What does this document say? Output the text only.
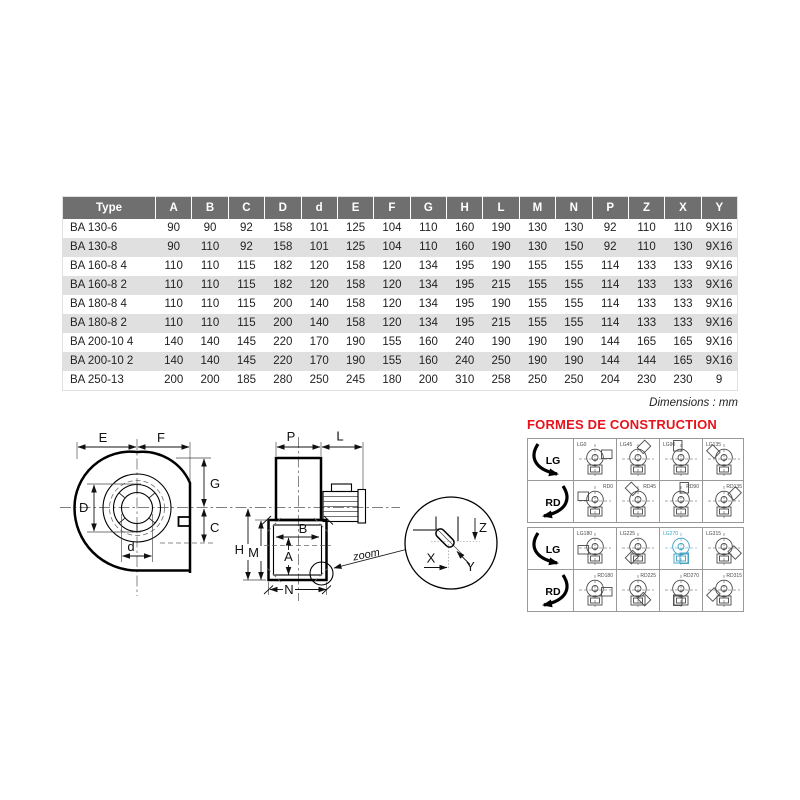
Type	A	B	C	D	d	E	F	G	H	L	M	N	P	Z	X	Y
BA 130-6	90	90	92	158	101	125	104	110	160	190	130	130	92	110	110	9X16
BA 130-8	90	110	92	158	101	125	104	110	160	190	130	150	92	110	130	9X16
BA 160-8 4	110	110	115	182	120	158	120	134	195	190	155	155	114	133	133	9X16
BA 160-8 2	110	110	115	182	120	158	120	134	195	215	155	155	114	133	133	9X16
BA 180-8 4	110	110	115	200	140	158	120	134	195	190	155	155	114	133	133	9X16
BA 180-8 2	110	110	115	200	140	158	120	134	195	215	155	155	114	133	133	9X16
BA 200-10 4	140	140	145	220	170	190	155	160	240	190	190	190	144	165	165	9X16
BA 200-10 2	140	140	145	220	170	190	155	160	240	250	190	190	144	144	165	9X16
BA 250-13	200	200	185	280	250	245	180	200	310	258	250	250	204	230	230	9
Dimensions : mm
E	F
G
C
D
d
P	L
H M
B
A
N
zoom
Z
X
Y
FORMES DE CONSTRUCTION
LG
LG0	LG45	LG90	LG135
RD
RD0	RD45	RD90	RD135
LG
LG180	LG225	LG270	LG315
RD
RD180	RD225	RD270	RD315
